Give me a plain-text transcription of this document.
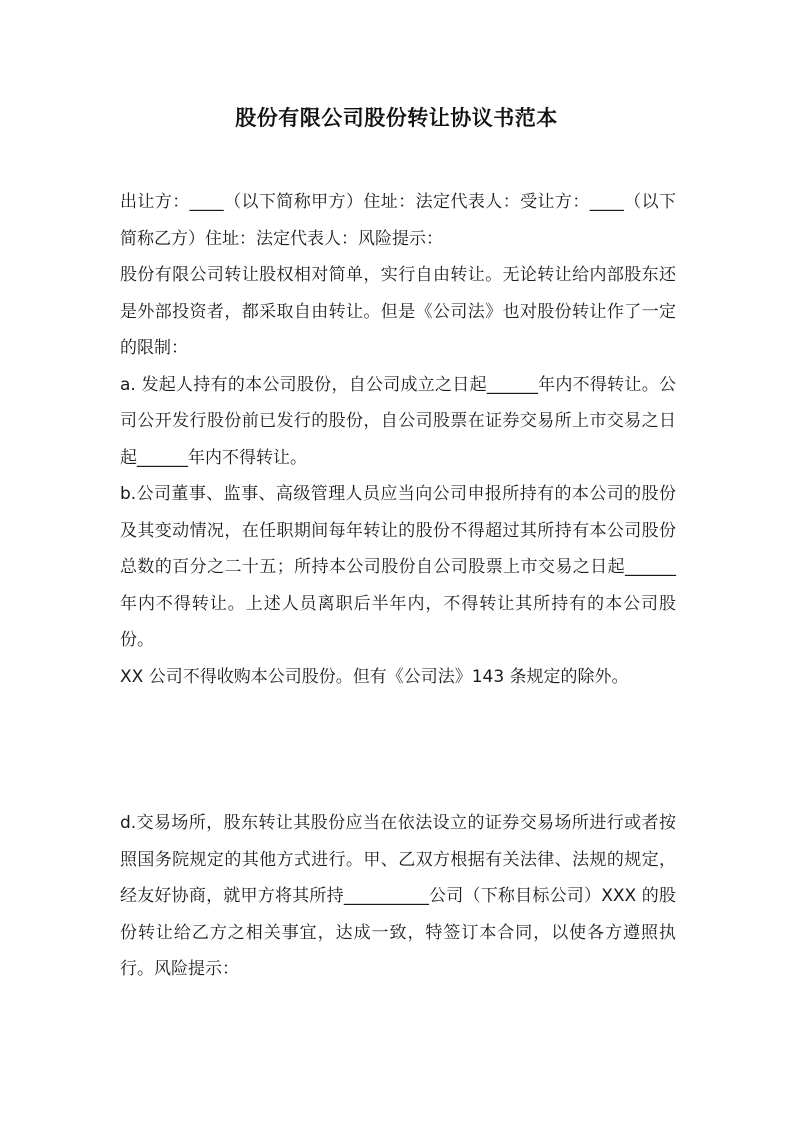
股份有限公司股份转让协议书范本

出让方：____（以下简称甲方）住址：法定代表人：受让方：____（以下简称乙方）住址：法定代表人：风险提示：

股份有限公司转让股权相对简单，实行自由转让。无论转让给内部股东还是外部投资者，都采取自由转让。但是《公司法》也对股份转让作了一定的限制：

a. 发起人持有的本公司股份，自公司成立之日起______年内不得转让。公司公开发行股份前已发行的股份，自公司股票在证券交易所上市交易之日起______年内不得转让。

b.公司董事、监事、高级管理人员应当向公司申报所持有的本公司的股份及其变动情况，在任职期间每年转让的股份不得超过其所持有本公司股份总数的百分之二十五；所持本公司股份自公司股票上市交易之日起______年内不得转让。上述人员离职后半年内，不得转让其所持有的本公司股份。

XX 公司不得收购本公司股份。但有《公司法》143 条规定的除外。

d.交易场所，股东转让其股份应当在依法设立的证券交易场所进行或者按照国务院规定的其他方式进行。甲、乙双方根据有关法律、法规的规定，经友好协商，就甲方将其所持__________公司（下称目标公司）XXX 的股份转让给乙方之相关事宜，达成一致，特签订本合同，以使各方遵照执行。风险提示：
